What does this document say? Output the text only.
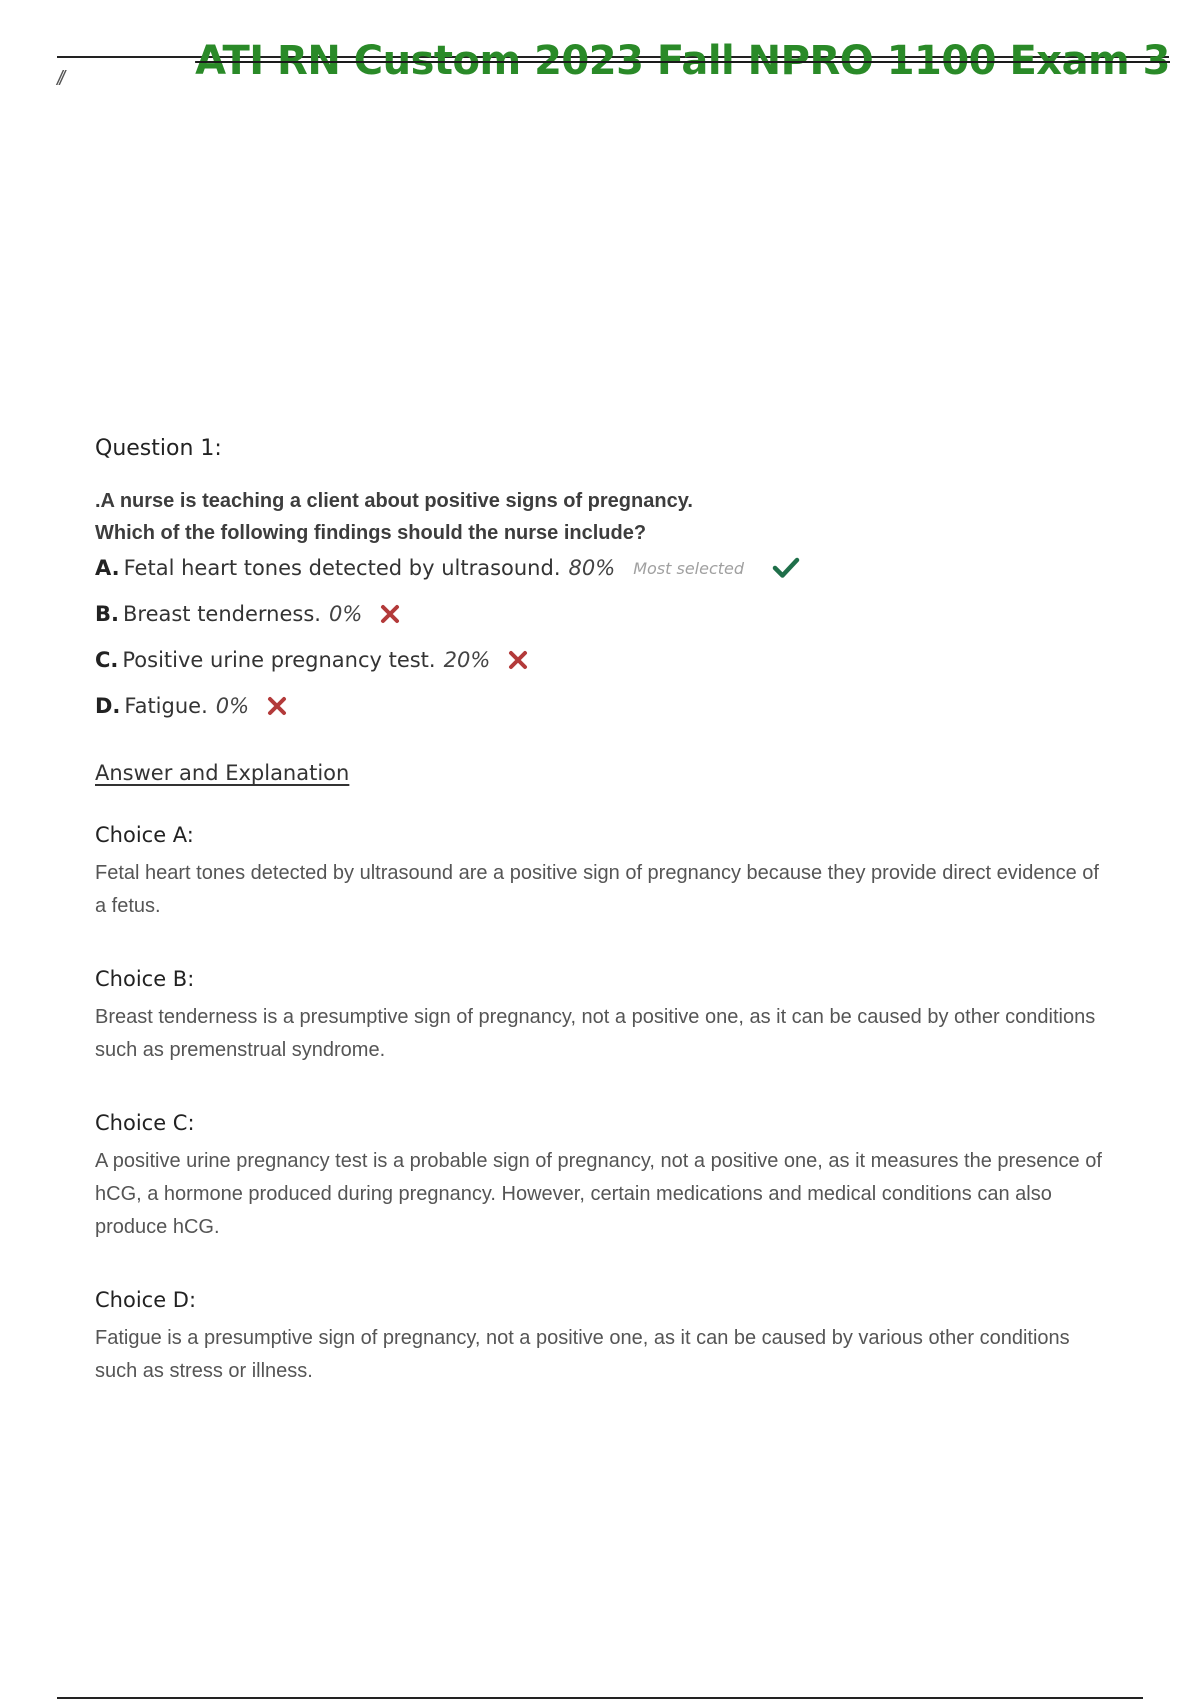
//	ATI RN Custom 2023 Fall NPRO 1100 Exam 3
Question 1:
.A nurse is teaching a client about positive signs of pregnancy.
Which of the following findings should the nurse include?
A. Fetal heart tones detected by ultrasound. 80% Most selected
B. Breast tenderness. 0%
C. Positive urine pregnancy test. 20%
D. Fatigue. 0%
Answer and Explanation
Choice A:
Fetal heart tones detected by ultrasound are a positive sign of pregnancy because they provide direct evidence of a fetus.
Choice B:
Breast tenderness is a presumptive sign of pregnancy, not a positive one, as it can be caused by other conditions such as premenstrual syndrome.
Choice C:
A positive urine pregnancy test is a probable sign of pregnancy, not a positive one, as it measures the presence of hCG, a hormone produced during pregnancy. However, certain medications and medical conditions can also produce hCG.
Choice D:
Fatigue is a presumptive sign of pregnancy, not a positive one, as it can be caused by various other conditions such as stress or illness.
